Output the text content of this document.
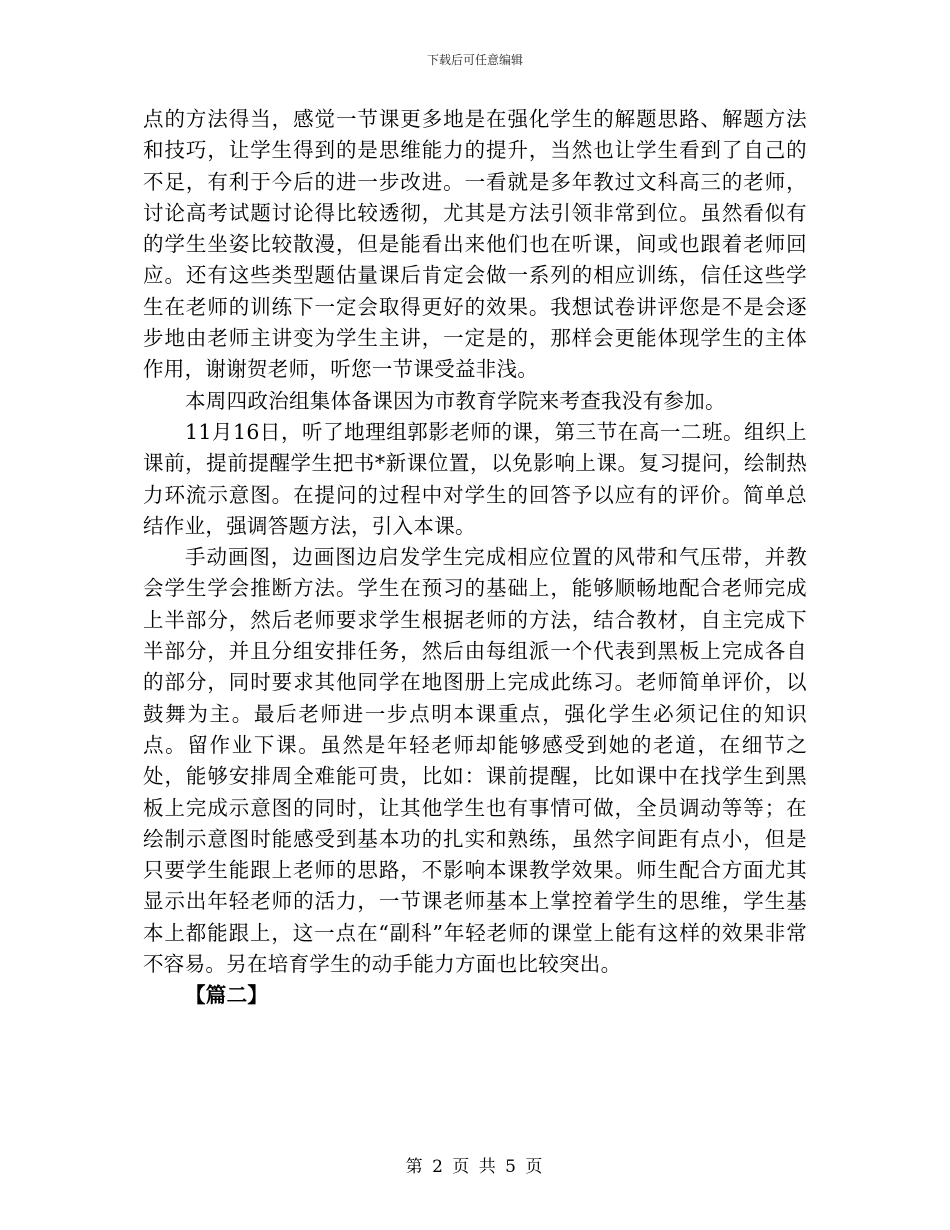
下载后可任意编辑

点的方法得当，感觉一节课更多地是在强化学生的解题思路、解题方法和技巧，让学生得到的是思维能力的提升，当然也让学生看到了自己的不足，有利于今后的进一步改进。一看就是多年教过文科高三的老师，讨论高考试题讨论得比较透彻，尤其是方法引领非常到位。虽然看似有的学生坐姿比较散漫，但是能看出来他们也在听课，间或也跟着老师回应。还有这些类型题估量课后肯定会做一系列的相应训练，信任这些学生在老师的训练下一定会取得更好的效果。我想试卷讲评您是不是会逐步地由老师主讲变为学生主讲，一定是的，那样会更能体现学生的主体作用，谢谢贺老师，听您一节课受益非浅。

本周四政治组集体备课因为市教育学院来考查我没有参加。

11月16日，听了地理组郭影老师的课，第三节在高一二班。组织上课前，提前提醒学生把书*新课位置，以免影响上课。复习提问，绘制热力环流示意图。在提问的过程中对学生的回答予以应有的评价。简单总结作业，强调答题方法，引入本课。

手动画图，边画图边启发学生完成相应位置的风带和气压带，并教会学生学会推断方法。学生在预习的基础上，能够顺畅地配合老师完成上半部分，然后老师要求学生根据老师的方法，结合教材，自主完成下半部分，并且分组安排任务，然后由每组派一个代表到黑板上完成各自的部分，同时要求其他同学在地图册上完成此练习。老师简单评价，以鼓舞为主。最后老师进一步点明本课重点，强化学生必须记住的知识点。留作业下课。虽然是年轻老师却能够感受到她的老道，在细节之处，能够安排周全难能可贵，比如：课前提醒，比如课中在找学生到黑板上完成示意图的同时，让其他学生也有事情可做，全员调动等等；在绘制示意图时能感受到基本功的扎实和熟练，虽然字间距有点小，但是只要学生能跟上老师的思路，不影响本课教学效果。师生配合方面尤其显示出年轻老师的活力，一节课老师基本上掌控着学生的思维，学生基本上都能跟上，这一点在“副科”年轻老师的课堂上能有这样的效果非常不容易。另在培育学生的动手能力方面也比较突出。

【篇二】

第 2 页 共 5 页
